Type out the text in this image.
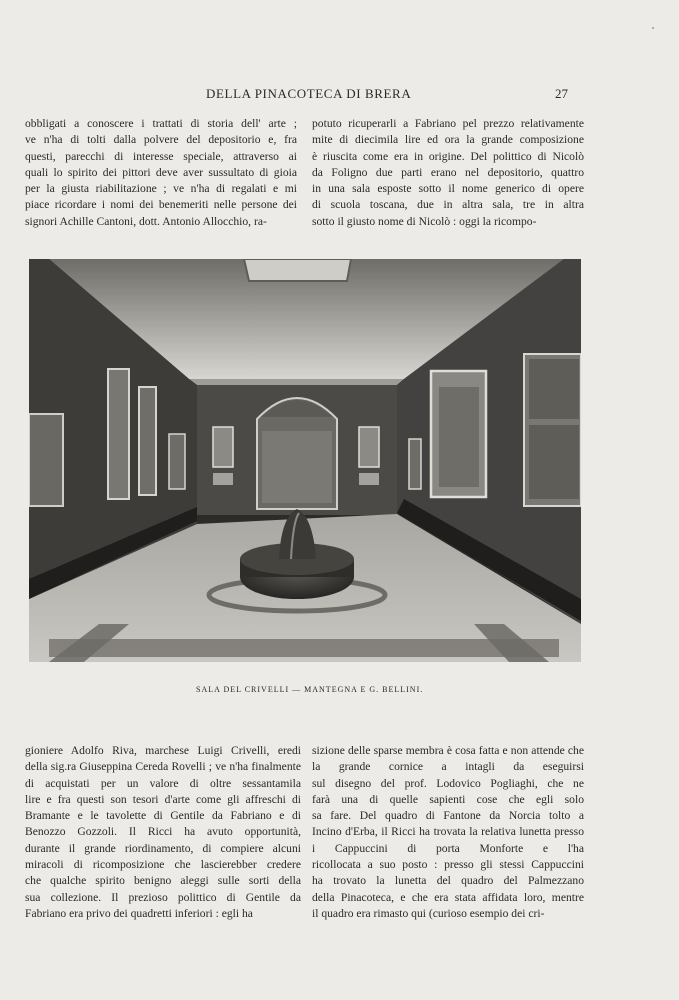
DELLA PINACOTECA DI BRERA	27
obbligati a conoscere i trattati di storia dell' arte ;
ve n'ha di tolti dalla polvere del depositorio e, fra
questi, parecchi di interesse speciale, attraverso ai
quali lo spirito dei pittori deve aver sussultato di gioia
per la giusta riabilitazione ; ve n'ha di regalati e mi
piace ricordare i nomi dei benemeriti nelle persone dei
signori Achille Cantoni, dott. Antonio Allocchio, ra-
potuto ricuperarli a Fabriano pel prezzo relativamente
mite di diecimila lire ed ora la grande composizione
è riuscita come era in origine. Del polittico di Nicolò
da Foligno due parti erano nel depositorio, quattro
in una sala esposte sotto il nome generico di opere
di scuola toscana, due in altra sala, tre in altra
sotto il giusto nome di Nicolò : oggi la ricompo-
SALA DEL CRIVELLI — MANTEGNA E G. BELLINI.
gioniere Adolfo Riva, marchese Luigi Crivelli, eredi
della sig.ra Giuseppina Cereda Rovelli ; ve n'ha finalmente di acquistati per un valore di oltre sessantamila
lire e fra questi son tesori d'arte come gli affreschi di
Bramante e le tavolette di Gentile da Fabriano e di
Benozzo Gozzoli. Il Ricci ha avuto opportunità,
durante il grande riordinamento, di compiere alcuni
miracoli di ricomposizione che lascierebber credere
che qualche spirito benigno aleggi sulle sorti della
sua collezione. Il prezioso polittico di Gentile da
Fabriano era privo dei quadretti inferiori : egli ha
sizione delle sparse membra è cosa fatta e non attende che la grande cornice a intagli da eseguirsi
sul disegno del prof. Lodovico Pogliaghi, che ne
farà una di quelle sapienti cose che egli solo
sa fare. Del quadro di Fantone da Norcia tolto a
Incino d'Erba, il Ricci ha trovata la relativa lunetta presso i Cappuccini di porta Monforte e l'ha
ricollocata a suo posto : presso gli stessi Cappuccini
ha trovato la lunetta del quadro del Palmezzano
della Pinacoteca, e che era stata affidata loro, mentre
il quadro era rimasto qui (curioso esempio dei cri-
